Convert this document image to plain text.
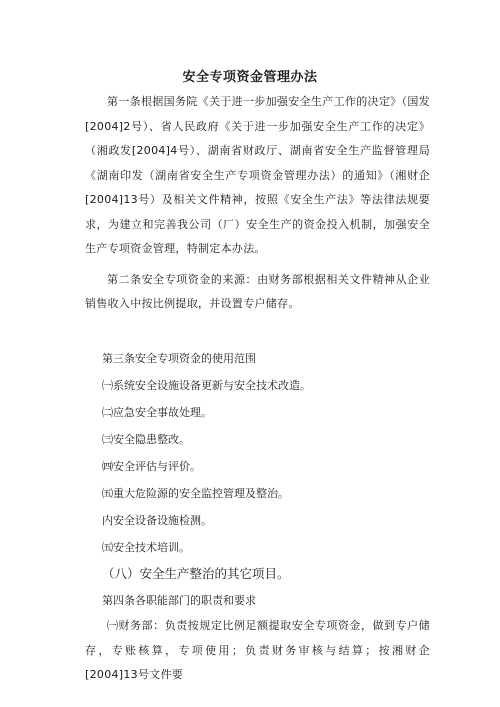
安全专项资金管理办法

第一条根据国务院《关于进一步加强安全生产工作的决定》（国发[2004]2号）、省人民政府《关于进一步加强安全生产工作的决定》（湘政发[2004]4号）、湖南省财政厅、湖南省安全生产监督管理局《湖南印发（湖南省安全生产专项资金管理办法）的通知》（湘财企[2004]13号）及相关文件精神，按照《安全生产法》等法律法规要求，为建立和完善我公司（厂）安全生产的资金投入机制，加强安全生产专项资金管理，特制定本办法。

第二条安全专项资金的来源：由财务部根据相关文件精神从企业销售收入中按比例提取，并设置专户储存。

第三条安全专项资金的使用范围
㈠系统安全设施设备更新与安全技术改造。
㈡应急安全事故处理。
㈢安全隐患整改。
㈣安全评估与评价。
㈤重大危险源的安全监控管理及整治。
内安全设备设施检测。
㈤安全技术培训。
（八）安全生产整治的其它项目。
第四条各职能部门的职责和要求

㈠财务部：负责按规定比例足额提取安全专项资金，做到专户储存，专账核算，专项使用；负责财务审核与结算；按湘财企[2004]13号文件要
